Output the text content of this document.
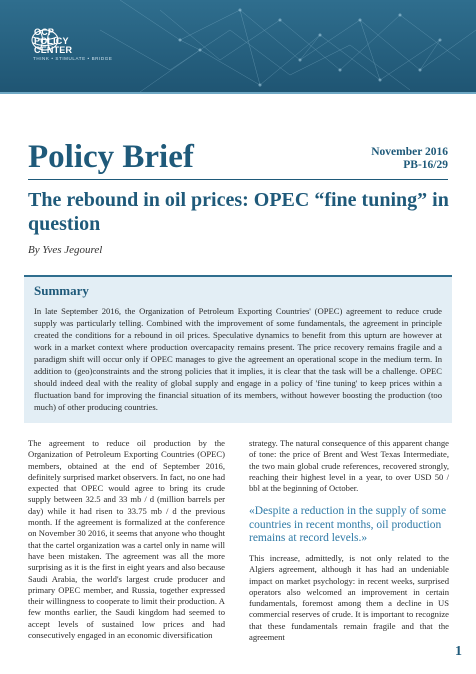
OCP
POLICY
CENTER
THINK • STIMULATE • BRIDGE
Policy Brief	November 2016
PB-16/29
The rebound in oil prices: OPEC “fine tuning” in question
By Yves Jegourel
Summary

In late September 2016, the Organization of Petroleum Exporting Countries' (OPEC) agreement to reduce crude supply was particularly telling. Combined with the improvement of some fundamentals, the agreement in principle created the conditions for a rebound in oil prices. Speculative dynamics to benefit from this upturn are however at work in a market context where production overcapacity remains present. The price recovery remains fragile and a paradigm shift will occur only if OPEC manages to give the agreement an operational scope in the medium term. In addition to (geo)constraints and the strong policies that it implies, it is clear that the task will be a challenge. OPEC should indeed deal with the reality of global supply and engage in a policy of 'fine tuning' to keep prices within a fluctuation band for improving the financial situation of its members, without however boosting the production (too much) of other producing countries.

The agreement to reduce oil production by the Organization of Petroleum Exporting Countries (OPEC) members, obtained at the end of September 2016, definitely surprised market observers. In fact, no one had expected that OPEC would agree to bring its crude supply between 32.5 and 33 mb / d (million barrels per day) while it had risen to 33.75 mb / d the previous month. If the agreement is formalized at the conference on November 30 2016, it seems that anyone who thought that the cartel organization was a cartel only in name will have been mistaken. The agreement was all the more surprising as it is the first in eight years and also because Saudi Arabia, the world's largest crude producer and primary OPEC member, and Russia, together expressed their willingness to cooperate to limit their production. A few months earlier, the Saudi kingdom had seemed to accept levels of sustained low prices and had consecutively engaged in an economic diversification

strategy. The natural consequence of this apparent change of tone: the price of Brent and West Texas Intermediate, the two main global crude references, recovered strongly, reaching their highest level in a year, to over USD 50 / bbl at the beginning of October.

«Despite a reduction in the supply of some countries in recent months, oil production remains at record levels.»

This increase, admittedly, is not only related to the Algiers agreement, although it has had an undeniable impact on market psychology: in recent weeks, surprised operators also welcomed an improvement in certain fundamentals, foremost among them a decline in US commercial reserves of crude. It is important to recognize that these fundamentals remain fragile and that the agreement

1
